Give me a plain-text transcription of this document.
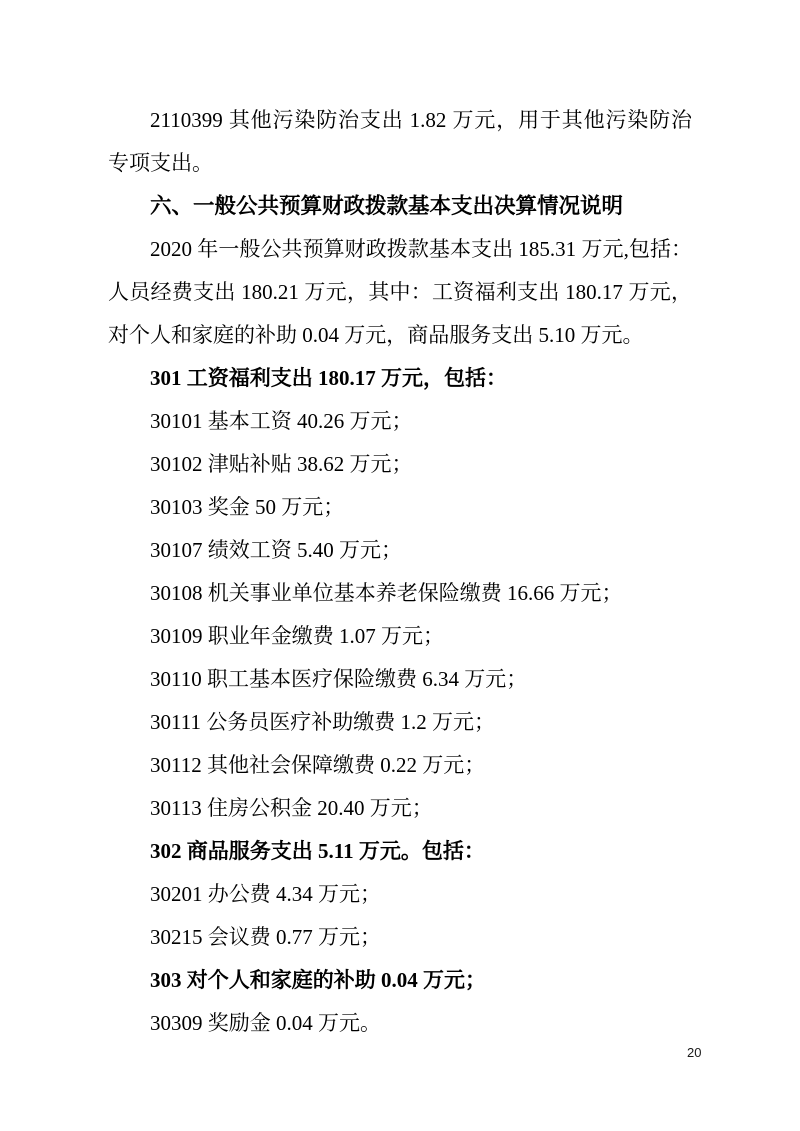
2110399 其他污染防治支出 1.82 万元，用于其他污染防治专项支出。

六、一般公共预算财政拨款基本支出决算情况说明

2020 年一般公共预算财政拨款基本支出 185.31 万元,包括：人员经费支出 180.21 万元，其中：工资福利支出 180.17 万元，对个人和家庭的补助 0.04 万元，商品服务支出 5.10 万元。

301 工资福利支出 180.17 万元，包括：

30101 基本工资 40.26 万元；

30102 津贴补贴 38.62 万元；

30103 奖金 50 万元；

30107 绩效工资 5.40 万元；

30108 机关事业单位基本养老保险缴费 16.66 万元；

30109 职业年金缴费 1.07 万元；

30110 职工基本医疗保险缴费 6.34 万元；

30111 公务员医疗补助缴费 1.2 万元；

30112 其他社会保障缴费 0.22 万元；

30113 住房公积金 20.40 万元；

302 商品服务支出 5.11 万元。包括：

30201 办公费 4.34 万元；

30215 会议费 0.77 万元；

303 对个人和家庭的补助 0.04 万元；

30309 奖励金 0.04 万元。

20
